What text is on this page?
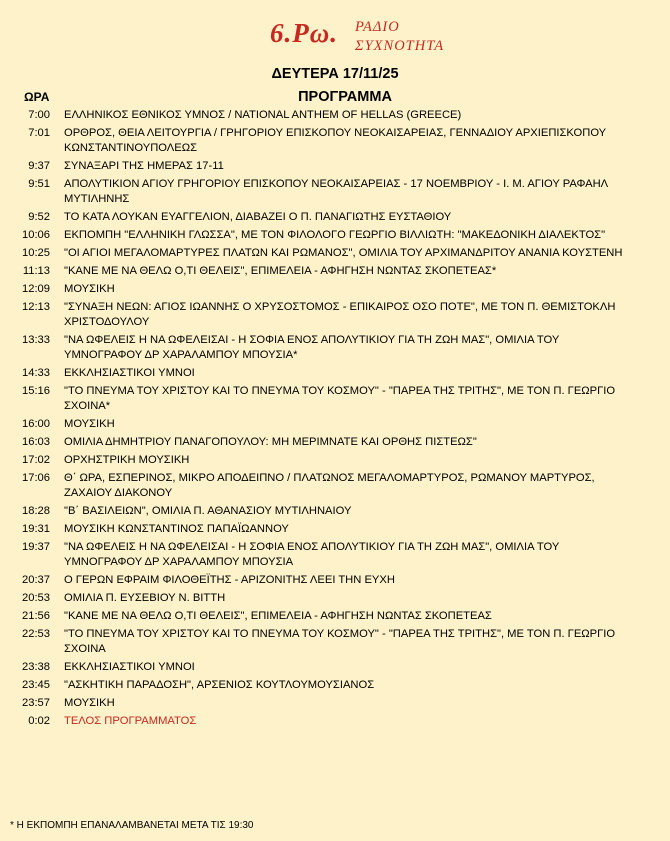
6.Ρω. ΡΑΔΙΟ
ΣΥΧΝΟΤΗΤΑ
ΔΕΥΤΕΡΑ 17/11/25
ΩΡΑ	ΠΡΟΓΡΑΜΜΑ
7:00 ΕΛΛΗΝΙΚΟΣ ΕΘΝΙΚΟΣ ΥΜΝΟΣ / NATIONAL ANTHEM OF HELLAS (GREECE)
7:01 ΟΡΘΡΟΣ, ΘΕΙΑ ΛΕΙΤΟΥΡΓΙΑ / ΓΡΗΓΟΡΙΟΥ ΕΠΙΣΚΟΠΟΥ ΝΕΟΚΑΙΣΑΡΕΙΑΣ, ΓΕΝΝΑΔΙΟΥ ΑΡΧΙΕΠΙΣΚΟΠΟΥ ΚΩΝΣΤΑΝΤΙΝΟΥΠΟΛΕΩΣ
9:37 ΣΥΝΑΞΑΡΙ ΤΗΣ ΗΜΕΡΑΣ 17-11
9:51 ΑΠΟΛΥΤΙΚΙΟΝ ΑΓΙΟΥ ΓΡΗΓΟΡΙΟΥ ΕΠΙΣΚΟΠΟΥ ΝΕΟΚΑΙΣΑΡΕΙΑΣ - 17 ΝΟΕΜΒΡΙΟΥ - Ι. Μ. ΑΓΙΟΥ ΡΑΦΑΗΛ ΜΥΤΙΛΗΝΗΣ
9:52 ΤΟ ΚΑΤΑ ΛΟΥΚΑΝ ΕΥΑΓΓΕΛΙΟΝ, ΔΙΑΒΑΖΕΙ Ο Π. ΠΑΝΑΓΙΩΤΗΣ ΕΥΣΤΑΘΙΟΥ
10:06 ΕΚΠΟΜΠΗ "ΕΛΛΗΝΙΚΗ ΓΛΩΣΣΑ", ΜΕ ΤΟΝ ΦΙΛΟΛΟΓΟ ΓΕΩΡΓΙΟ ΒΙΛΛΙΩΤΗ: "ΜΑΚΕΔΟΝΙΚΗ ΔΙΑΛΕΚΤΟΣ"
10:25 "ΟΙ ΑΓΙΟΙ ΜΕΓΑΛΟΜΑΡΤΥΡΕΣ ΠΛΑΤΩΝ ΚΑΙ ΡΩΜΑΝΟΣ", ΟΜΙΛΙΑ ΤΟΥ ΑΡΧΙΜΑΝΔΡΙΤΟΥ ΑΝΑΝΙΑ ΚΟΥΣΤΕΝΗ
11:13 "ΚΑΝΕ ΜΕ ΝΑ ΘΕΛΩ Ο,ΤΙ ΘΕΛΕΙΣ", ΕΠΙΜΕΛΕΙΑ - ΑΦΗΓΗΣΗ ΝΩΝΤΑΣ ΣΚΟΠΕΤΕΑΣ*
12:09 ΜΟΥΣΙΚΗ
12:13 "ΣΥΝΑΞΗ ΝΕΩΝ: ΑΓΙΟΣ ΙΩΑΝΝΗΣ Ο ΧΡΥΣΟΣΤΟΜΟΣ - ΕΠΙΚΑΙΡΟΣ ΟΣΟ ΠΟΤΕ", ΜΕ ΤΟΝ Π. ΘΕΜΙΣΤΟΚΛΗ ΧΡΙΣΤΟΔΟΥΛΟΥ
13:33 "ΝΑ ΩΦΕΛΕΙΣ Η ΝΑ ΩΦΕΛΕΙΣΑΙ - Η ΣΟΦΙΑ ΕΝΟΣ ΑΠΟΛΥΤΙΚΙΟΥ ΓΙΑ ΤΗ ΖΩΗ ΜΑΣ", ΟΜΙΛΙΑ ΤΟΥ ΥΜΝΟΓΡΑΦΟΥ ΔΡ ΧΑΡΑΛΑΜΠΟΥ ΜΠΟΥΣΙΑ*
14:33 ΕΚΚΛΗΣΙΑΣΤΙΚΟΙ ΥΜΝΟΙ
15:16 "ΤΟ ΠΝΕΥΜΑ ΤΟΥ ΧΡΙΣΤΟΥ ΚΑΙ ΤΟ ΠΝΕΥΜΑ ΤΟΥ ΚΟΣΜΟΥ" - "ΠΑΡΕΑ ΤΗΣ ΤΡΙΤΗΣ", ΜΕ ΤΟΝ Π. ΓΕΩΡΓΙΟ ΣΧΟΙΝΑ*
16:00 ΜΟΥΣΙΚΗ
16:03 ΟΜΙΛΙΑ ΔΗΜΗΤΡΙΟΥ ΠΑΝΑΓΟΠΟΥΛΟΥ: ΜΗ ΜΕΡΙΜΝΑΤΕ ΚΑΙ ΟΡΘΗΣ ΠΙΣΤΕΩΣ"
17:02 ΟΡΧΗΣΤΡΙΚΗ ΜΟΥΣΙΚΗ
17:06 Θ΄ ΩΡΑ, ΕΣΠΕΡΙΝΟΣ, ΜΙΚΡΟ ΑΠΟΔΕΙΠΝΟ / ΠΛΑΤΩΝΟΣ ΜΕΓΑΛΟΜΑΡΤΥΡΟΣ, ΡΩΜΑΝΟΥ ΜΑΡΤΥΡΟΣ, ΖΑΧΑΙΟΥ ΔΙΑΚΟΝΟΥ
18:28 "Β΄ ΒΑΣΙΛΕΙΩΝ", ΟΜΙΛΙΑ Π. ΑΘΑΝΑΣΙΟΥ ΜΥΤΙΛΗΝΑΙΟΥ
19:31 ΜΟΥΣΙΚΗ ΚΩΝΣΤΑΝΤΙΝΟΣ ΠΑΠΑΪΩΑΝΝΟΥ
19:37 "ΝΑ ΩΦΕΛΕΙΣ Η ΝΑ ΩΦΕΛΕΙΣΑΙ - Η ΣΟΦΙΑ ΕΝΟΣ ΑΠΟΛΥΤΙΚΙΟΥ ΓΙΑ ΤΗ ΖΩΗ ΜΑΣ", ΟΜΙΛΙΑ ΤΟΥ ΥΜΝΟΓΡΑΦΟΥ ΔΡ ΧΑΡΑΛΑΜΠΟΥ ΜΠΟΥΣΙΑ
20:37 Ο ΓΕΡΩΝ ΕΦΡΑΙΜ ΦΙΛΟΘΕΪΤΗΣ - ΑΡΙΖΟΝΙΤΗΣ ΛΕΕΙ ΤΗΝ ΕΥΧΗ
20:53 ΟΜΙΛΙΑ Π. ΕΥΣΕΒΙΟΥ Ν. ΒΙΤΤΗ
21:56 "ΚΑΝΕ ΜΕ ΝΑ ΘΕΛΩ Ο,ΤΙ ΘΕΛΕΙΣ", ΕΠΙΜΕΛΕΙΑ - ΑΦΗΓΗΣΗ ΝΩΝΤΑΣ ΣΚΟΠΕΤΕΑΣ
22:53 "ΤΟ ΠΝΕΥΜΑ ΤΟΥ ΧΡΙΣΤΟΥ ΚΑΙ ΤΟ ΠΝΕΥΜΑ ΤΟΥ ΚΟΣΜΟΥ" - "ΠΑΡΕΑ ΤΗΣ ΤΡΙΤΗΣ", ΜΕ ΤΟΝ Π. ΓΕΩΡΓΙΟ ΣΧΟΙΝΑ
23:38 ΕΚΚΛΗΣΙΑΣΤΙΚΟΙ ΥΜΝΟΙ
23:45 "ΑΣΚΗΤΙΚΗ ΠΑΡΑΔΟΣΗ", ΑΡΣΕΝΙΟΣ ΚΟΥΤΛΟΥΜΟΥΣΙΑΝΟΣ
23:57 ΜΟΥΣΙΚΗ
0:02 ΤΕΛΟΣ ΠΡΟΓΡΑΜΜΑΤΟΣ
* Η ΕΚΠΟΜΠΗ ΕΠΑΝΑΛΑΜΒΑΝΕΤΑΙ ΜΕΤΑ ΤΙΣ 19:30
